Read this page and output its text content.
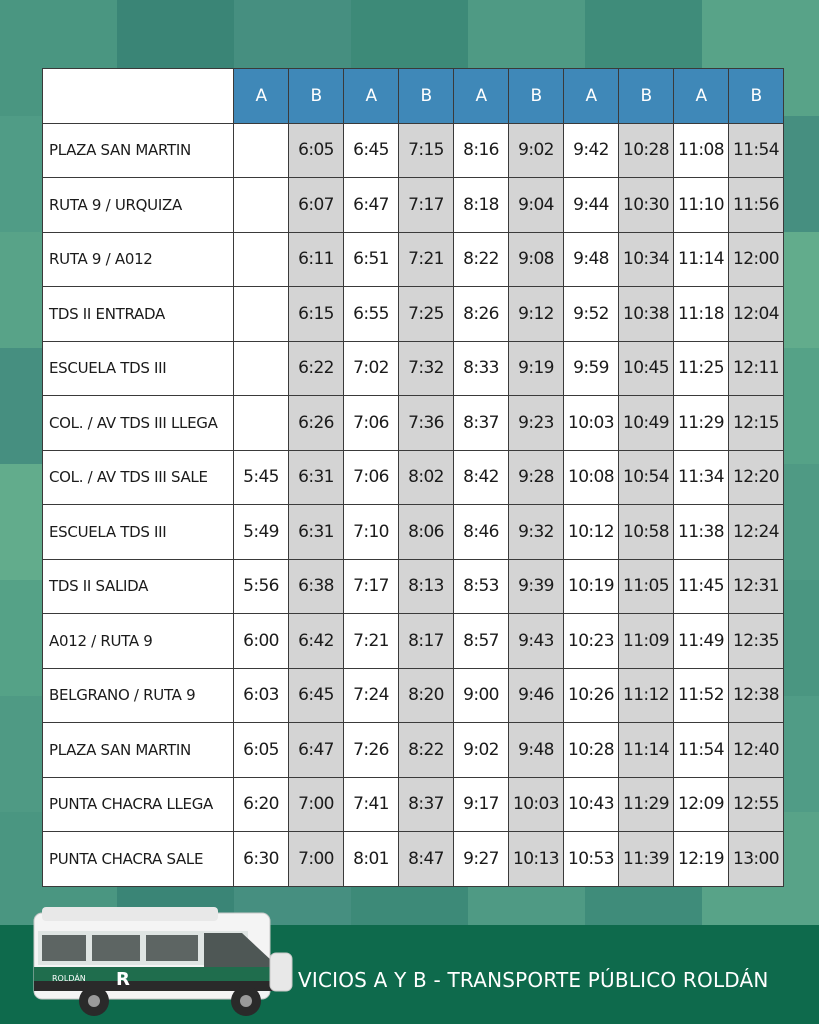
	A	B	A	B	A	B	A	B	A	B
PLAZA SAN MARTIN		6:05	6:45	7:15	8:16	9:02	9:42	10:28	11:08	11:54
RUTA 9 / URQUIZA		6:07	6:47	7:17	8:18	9:04	9:44	10:30	11:10	11:56
RUTA 9 / A012		6:11	6:51	7:21	8:22	9:08	9:48	10:34	11:14	12:00
TDS II ENTRADA		6:15	6:55	7:25	8:26	9:12	9:52	10:38	11:18	12:04
ESCUELA TDS III		6:22	7:02	7:32	8:33	9:19	9:59	10:45	11:25	12:11
COL. / AV TDS III LLEGA		6:26	7:06	7:36	8:37	9:23	10:03	10:49	11:29	12:15
COL. / AV TDS III SALE	5:45	6:31	7:06	8:02	8:42	9:28	10:08	10:54	11:34	12:20
ESCUELA TDS III	5:49	6:31	7:10	8:06	8:46	9:32	10:12	10:58	11:38	12:24
TDS II SALIDA	5:56	6:38	7:17	8:13	8:53	9:39	10:19	11:05	11:45	12:31
A012 / RUTA 9	6:00	6:42	7:21	8:17	8:57	9:43	10:23	11:09	11:49	12:35
BELGRANO / RUTA 9	6:03	6:45	7:24	8:20	9:00	9:46	10:26	11:12	11:52	12:38
PLAZA SAN MARTIN	6:05	6:47	7:26	8:22	9:02	9:48	10:28	11:14	11:54	12:40
PUNTA CHACRA LLEGA	6:20	7:00	7:41	8:37	9:17	10:03	10:43	11:29	12:09	12:55
PUNTA CHACRA SALE	6:30	7:00	8:01	8:47	9:27	10:13	10:53	11:39	12:19	13:00
R
ROLDÁN	VICIOS A Y B - TRANSPORTE PÚBLICO ROLDÁN
